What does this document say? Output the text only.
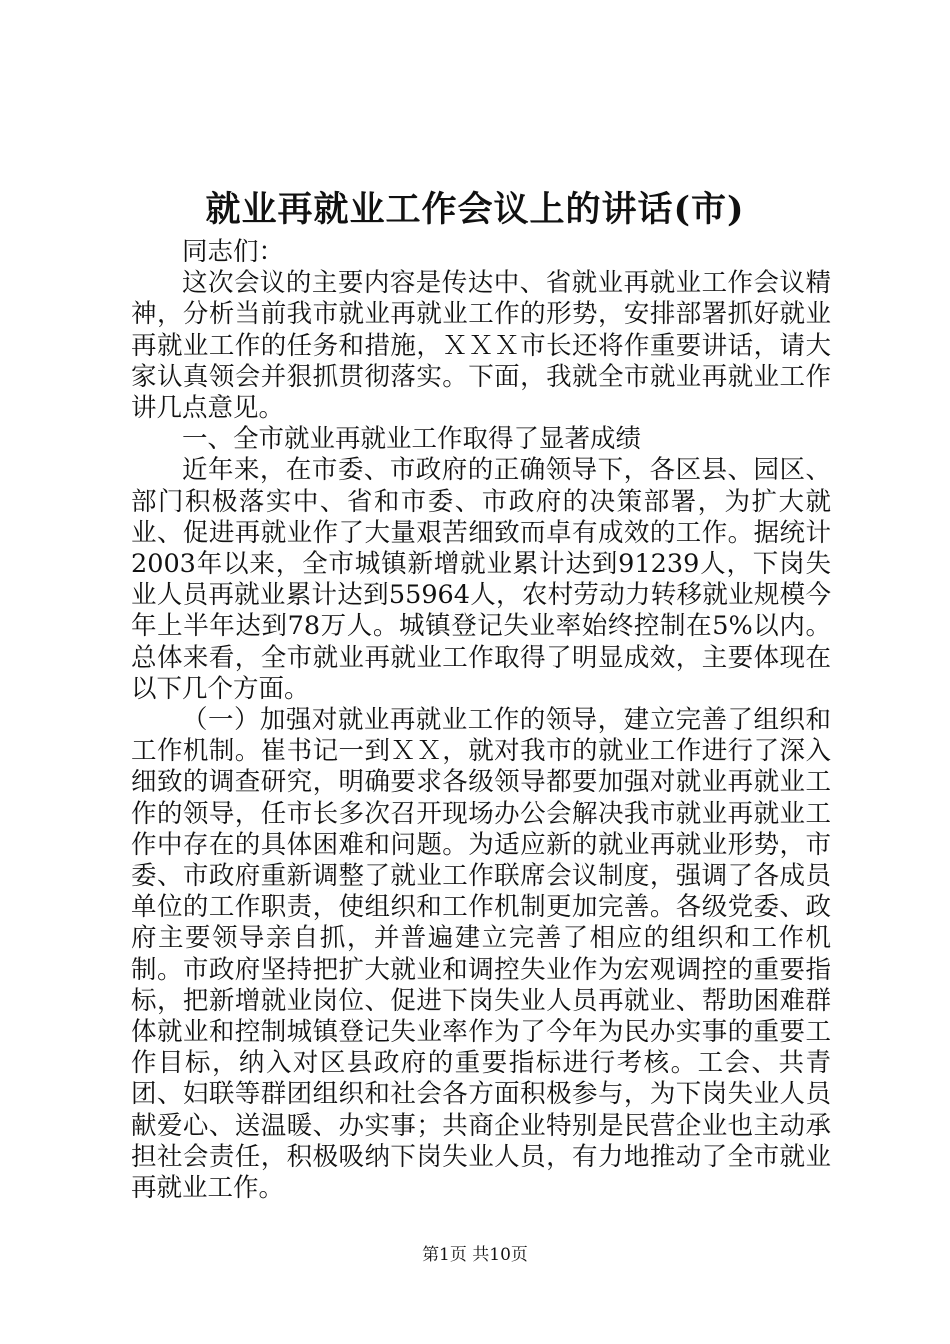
就业再就业工作会议上的讲话(市)

同志们：

这次会议的主要内容是传达中、省就业再就业工作会议精神，分析当前我市就业再就业工作的形势，安排部署抓好就业再就业工作的任务和措施，ＸＸＸ市长还将作重要讲话，请大家认真领会并狠抓贯彻落实。下面，我就全市就业再就业工作讲几点意见。

一、全市就业再就业工作取得了显著成绩

近年来，在市委、市政府的正确领导下，各区县、园区、部门积极落实中、省和市委、市政府的决策部署，为扩大就业、促进再就业作了大量艰苦细致而卓有成效的工作。据统计2003年以来，全市城镇新增就业累计达到91239人，下岗失业人员再就业累计达到55964人，农村劳动力转移就业规模今年上半年达到78万人。城镇登记失业率始终控制在5%以内。总体来看，全市就业再就业工作取得了明显成效，主要体现在以下几个方面。

（一）加强对就业再就业工作的领导，建立完善了组织和工作机制。崔书记一到ＸＸ，就对我市的就业工作进行了深入细致的调查研究，明确要求各级领导都要加强对就业再就业工作的领导，任市长多次召开现场办公会解决我市就业再就业工作中存在的具体困难和问题。为适应新的就业再就业形势，市委、市政府重新调整了就业工作联席会议制度，强调了各成员单位的工作职责，使组织和工作机制更加完善。各级党委、政府主要领导亲自抓，并普遍建立完善了相应的组织和工作机制。市政府坚持把扩大就业和调控失业作为宏观调控的重要指标，把新增就业岗位、促进下岗失业人员再就业、帮助困难群体就业和控制城镇登记失业率作为了今年为民办实事的重要工作目标，纳入对区县政府的重要指标进行考核。工会、共青团、妇联等群团组织和社会各方面积极参与，为下岗失业人员献爱心、送温暖、办实事；共商企业特别是民营企业也主动承担社会责任，积极吸纳下岗失业人员，有力地推动了全市就业再就业工作。

第1页 共10页
